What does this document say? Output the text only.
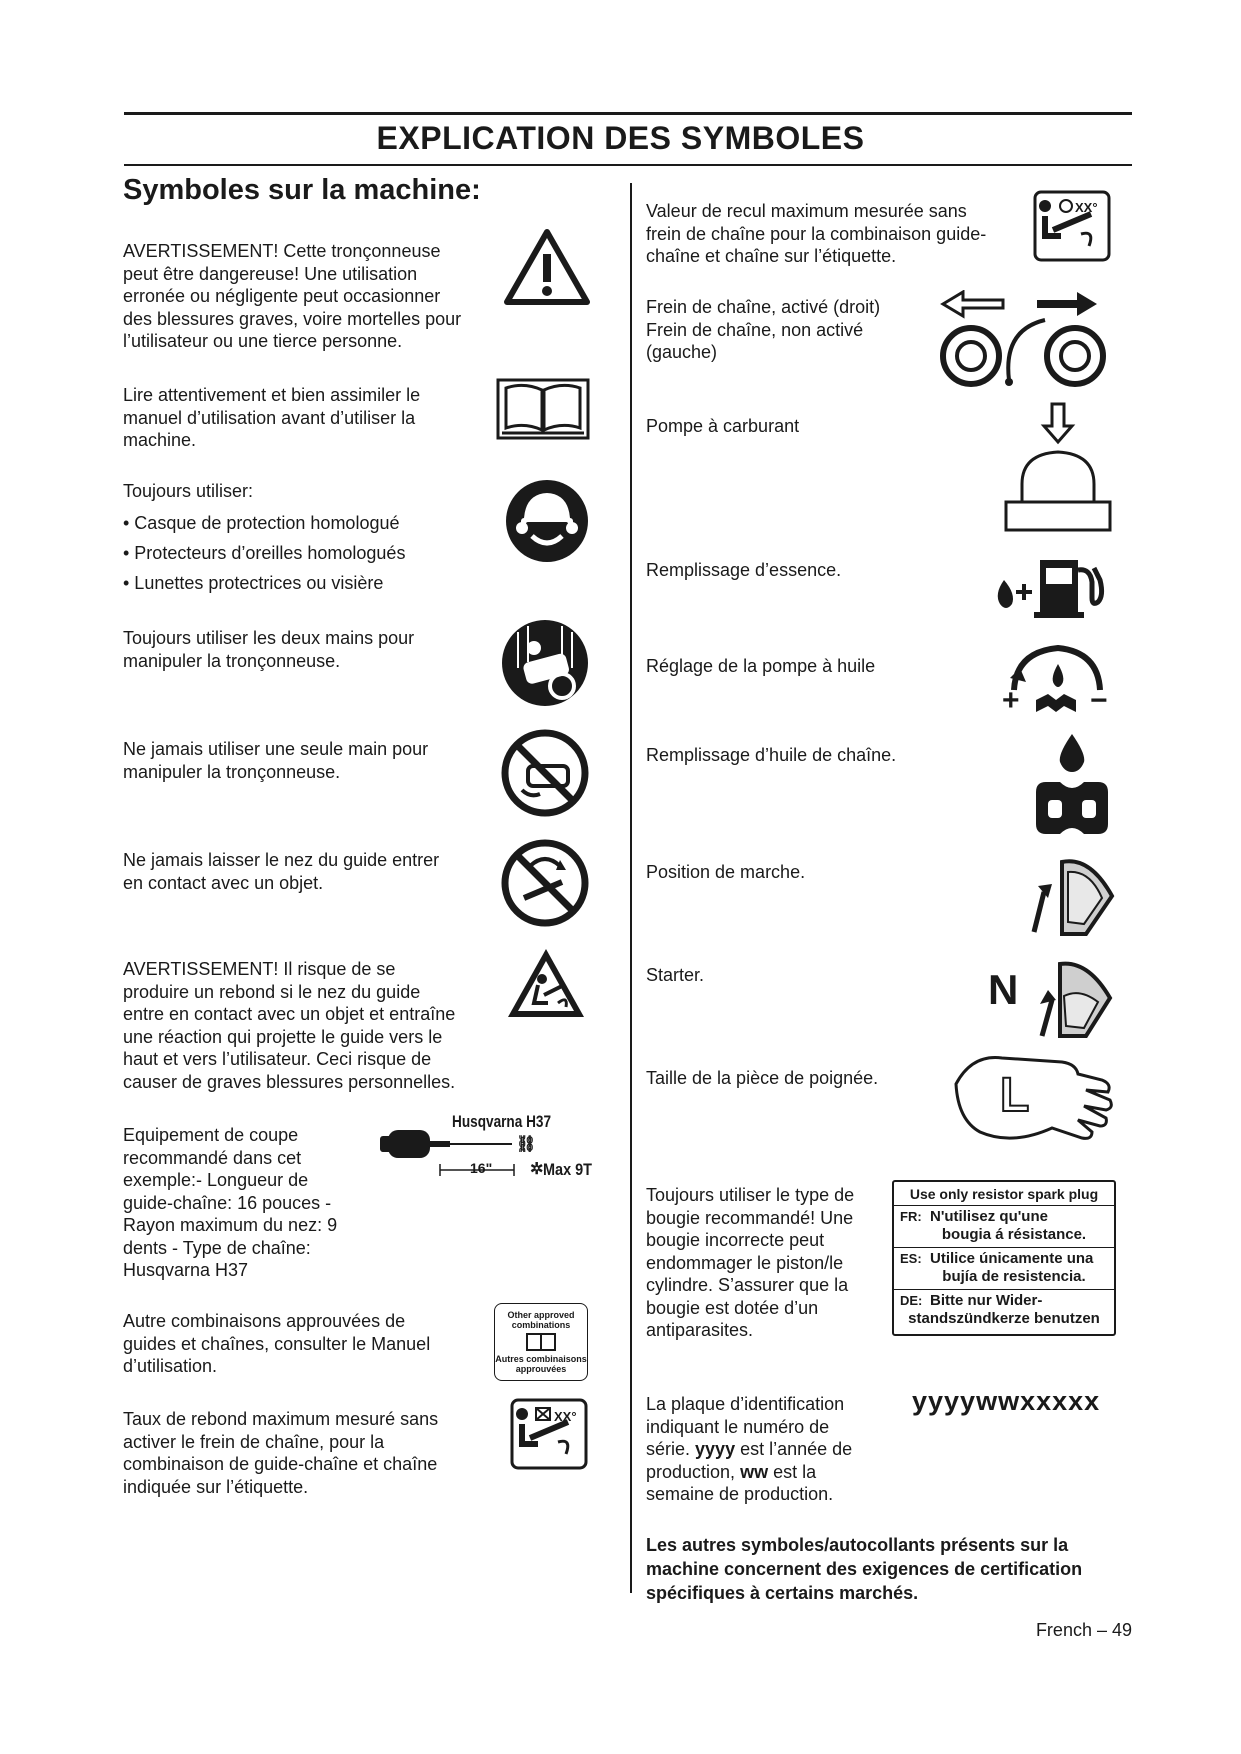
EXPLICATION DES SYMBOLES
Symboles sur la machine:

AVERTISSEMENT! Cette tronçonneuse

peut être dangereuse! Une utilisation

erronée ou négligente peut occasionner

des blessures graves, voire mortelles pour

l’utilisateur ou une tierce personne.

Lire attentivement et bien assimiler le

manuel d’utilisation avant d’utiliser la

machine.

Toujours utiliser:
• Casque de protection homologué
• Protecteurs d’oreilles homologués
• Lunettes protectrices ou visière

Toujours utiliser les deux mains pour

manipuler la tronçonneuse.

Ne jamais utiliser une seule main pour

manipuler la tronçonneuse.

Ne jamais laisser le nez du guide entrer

en contact avec un objet.

AVERTISSEMENT! Il risque de se

produire un rebond si le nez du guide

entre en contact avec un objet et entraîne

une réaction qui projette le guide vers le

haut et vers l’utilisateur. Ceci risque de

causer de graves blessures personnelles.

Equipement de coupe

recommandé dans cet

exemple:- Longueur de

guide-chaîne: 16 pouces -

Rayon maximum du nez: 9

dents - Type de chaîne:

Husqvarna H37

Autre combinaisons approuvées de

guides et chaînes, consulter le Manuel

d’utilisation.

Taux de rebond maximum mesuré sans

activer le frein de chaîne, pour la

combinaison de guide-chaîne et chaîne

indiquée sur l’étiquette.

✲
Husqvarna H37
16"	Max 9T
⛓
Other approved
combinations
Autres combinaisons
approuvées
XX°

Valeur de recul maximum mesurée sans

frein de chaîne pour la combinaison guide-

chaîne et chaîne sur l’étiquette.

Frein de chaîne, activé (droit)

Frein de chaîne, non activé

(gauche)

Pompe à carburant
Remplissage d’essence.
Réglage de la pompe à huile
Remplissage d’huile de chaîne.
Position de marche.
Starter.
Taille de la pièce de poignée.

Toujours utiliser le type de

bougie recommandé! Une

bougie incorrecte peut

endommager le piston/le

cylindre. S’assurer que la

bougie est dotée d’un

antiparasites.

La plaque d’identification

indiquant le numéro de

série. yyyy est l’année de

production, ww est la

semaine de production.

yyyywwxxxxx
Les autres symboles/autocollants présents sur la machine concernent des exigences de certification spécifiques à certains marchés.
XX°
+ −
N
L
Use only resistor spark plug
FR: N'utilisez qu'une
bougia á résistance.
ES: Utilice únicamente una
bujía de resistencia.
DE: Bitte nur Wider-
standszündkerze benutzen
French – 49
